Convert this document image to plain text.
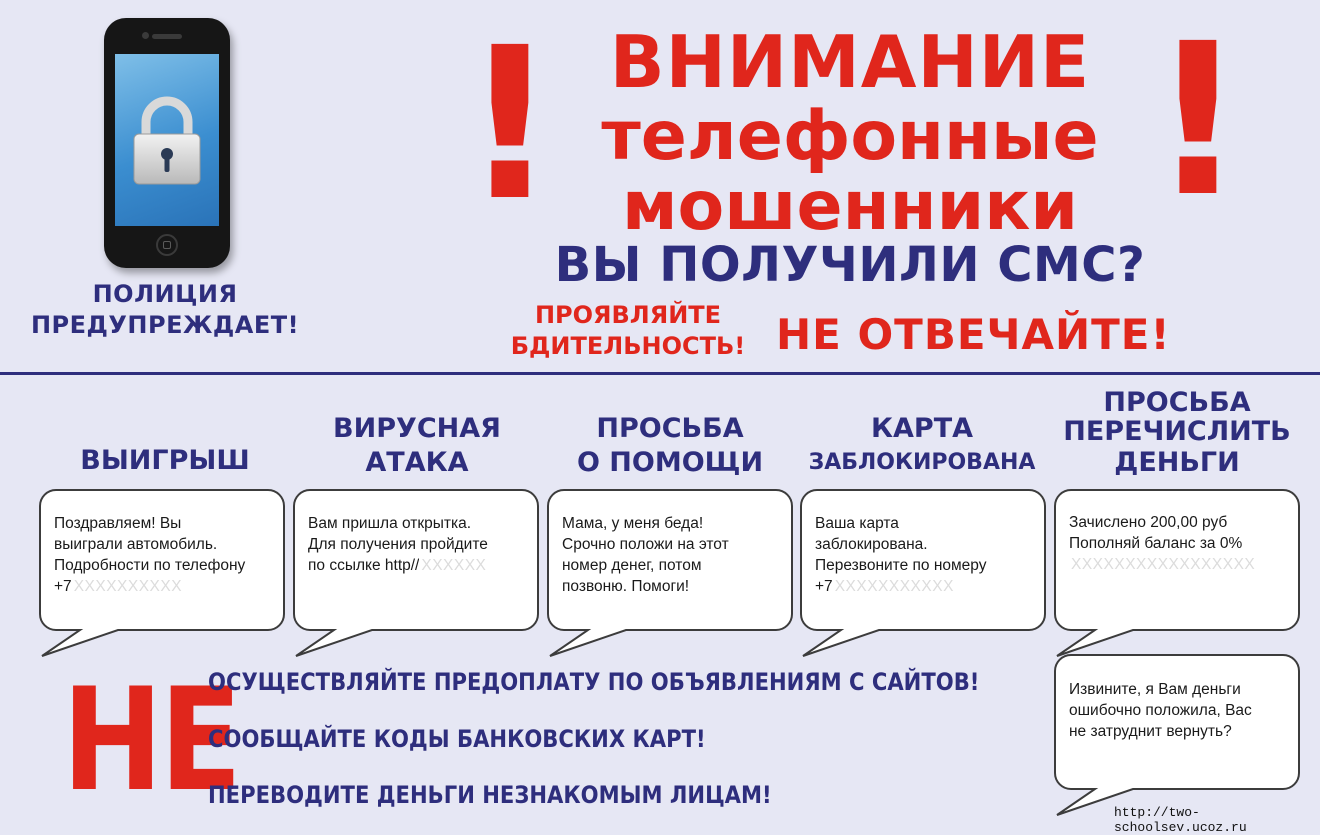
ПОЛИЦИЯ
ПРЕДУПРЕЖДАЕТ!
!	!
ВНИМАНИЕ
телефонные
мошенники
ВЫ ПОЛУЧИЛИ СМС?
ПРОЯВЛЯЙТЕ
БДИТЕЛЬНОСТЬ! НЕ ОТВЕЧАЙТЕ!
ВЫИГРЫШ
Поздравляем! Вы
выиграли автомобиль.
Подробности по телефону
+7 XXXXXXXXXX
ВИРУСНАЯ
АТАКА
Вам пришла открытка.
Для получения пройдите
по ссылке http// XXXXXX
ПРОСЬБА
О ПОМОЩИ
Мама, у меня беда!
Срочно положи на этот
номер денег, потом
позвоню. Помоги!
КАРТА
ЗАБЛОКИРОВАНА
Ваша карта
заблокирована.
Перезвоните по номеру
+7 XXXXXXXXXXX
ПРОСЬБА
ПЕРЕЧИСЛИТЬ
ДЕНЬГИ
Зачислено 200,00 руб
Пополняй баланс за 0%
XXXXXXXXXXXXXXXXX
Извините, я Вам деньги
ошибочно положила, Вас
не затруднит вернуть?
НЕ
ОСУЩЕСТВЛЯЙТЕ ПРЕДОПЛАТУ ПО ОБЪЯВЛЕНИЯМ С САЙТОВ!
СООБЩАЙТЕ КОДЫ БАНКОВСКИХ КАРТ!
ПЕРЕВОДИТЕ ДЕНЬГИ НЕЗНАКОМЫМ ЛИЦАМ!
http://two-schoolsev.ucoz.ru
